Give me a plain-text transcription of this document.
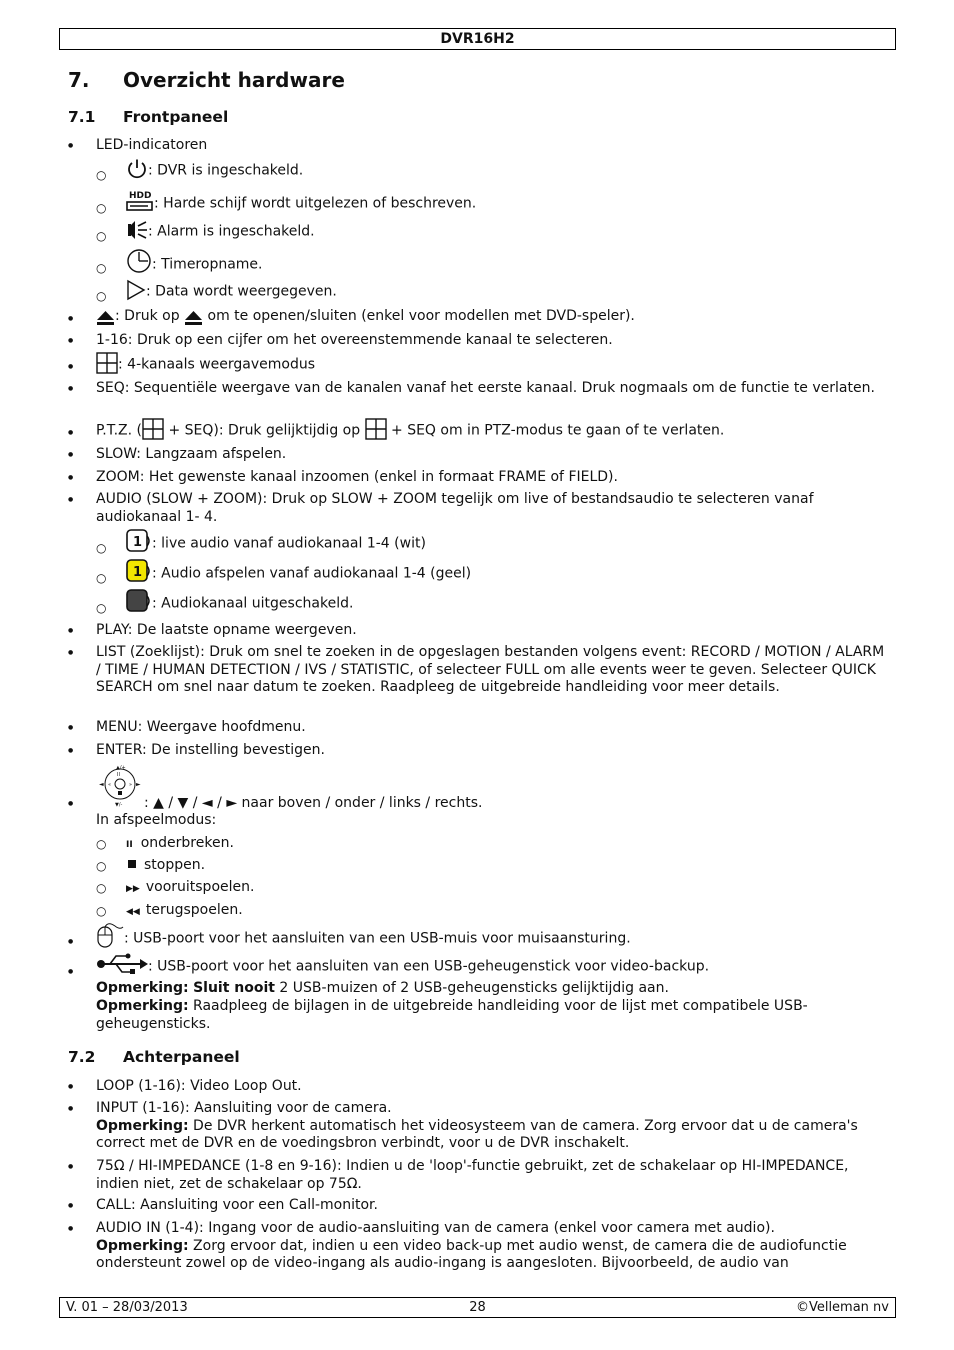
DVR16H2
7. Overzicht hardware
7.1 Frontpaneel
●
LED-indicatoren
○	: DVR is ingeschakeld.
○
HDD : Harde schijf wordt uitgelezen of beschreven.
○	: Alarm is ingeschakeld.
○	: Timeropname.
○	: Data wordt weergegeven.
●
: Druk op
om te openen/sluiten (enkel voor modellen met DVD-speler).
●
1-16: Druk op een cijfer om het overeenstemmende kanaal te selecteren.
●
: 4-kanaals weergavemodus
●
SEQ: Sequentiële weergave van de kanalen vanaf het eerste kanaal. Druk nogmaals om de functie te verlaten.
●
P.T.Z. (
+ SEQ): Druk gelijktijdig op
+ SEQ om in PTZ-modus te gaan of te verlaten.
●
SLOW: Langzaam afspelen.
●
ZOOM: Het gewenste kanaal inzoomen (enkel in formaat FRAME of FIELD).
●
AUDIO (SLOW + ZOOM): Druk op SLOW + ZOOM tegelijk om live of bestandsaudio te selecteren vanaf audiokanaal 1- 4.
○ 1 : live audio vanaf audiokanaal 1-4 (wit)
○ 1 : Audio afspelen vanaf audiokanaal 1-4 (geel)
○	: Audiokanaal uitgeschakeld.
●
PLAY: De laatste opname weergeven.
●
LIST (Zoeklijst): Druk om snel te zoeken in de opgeslagen bestanden volgens event: RECORD / MOTION / ALARM / TIME / HUMAN DETECTION / IVS / STATISTIC, of selecteer FULL om alle events weer te geven. Selecteer QUICK SEARCH om snel naar datum te zoeken. Raadpleeg de uitgebreide handleiding voor meer details.
●
MENU: Weergave hoofdmenu.
●
ENTER: De instelling bevestigen.
●
▲/+
▼/-
◄	►
II
«	»
: ▲ / ▼ / ◄ / ► naar boven / onder / links / rechts.
In afspeelmodus:
○ II onderbreken.
○	stoppen.
○ ▶▶ vooruitspoelen.
○ ◀◀ terugspoelen.
●
: USB-poort voor het aansluiten van een USB-muis voor muisaansturing.
●
: USB-poort voor het aansluiten van een USB-geheugenstick voor video-backup.
Opmerking: Sluit nooit 2 USB-muizen of 2 USB-geheugensticks gelijktijdig aan.
Opmerking: Raadpleeg de bijlagen in de uitgebreide handleiding voor de lijst met compatibele USB-geheugensticks.
7.2 Achterpaneel
●
LOOP (1-16): Video Loop Out.
●
INPUT (1-16): Aansluiting voor de camera.
Opmerking: De DVR herkent automatisch het videosysteem van de camera. Zorg ervoor dat u de camera's correct met de DVR en de voedingsbron verbindt, voor u de DVR inschakelt.
●
75Ω / HI-IMPEDANCE (1-8 en 9-16): Indien u de 'loop'-functie gebruikt, zet de schakelaar op HI-IMPEDANCE, indien niet, zet de schakelaar op 75Ω.
●
CALL: Aansluiting voor een Call-monitor.
●
AUDIO IN (1-4): Ingang voor de audio-aansluiting van de camera (enkel voor camera met audio).
Opmerking: Zorg ervoor dat, indien u een video back-up met audio wenst, de camera die de audiofunctie ondersteunt zowel op de video-ingang als audio-ingang is aangesloten. Bijvoorbeeld, de audio van
V. 01 – 28/03/2013	28	©Velleman nv
